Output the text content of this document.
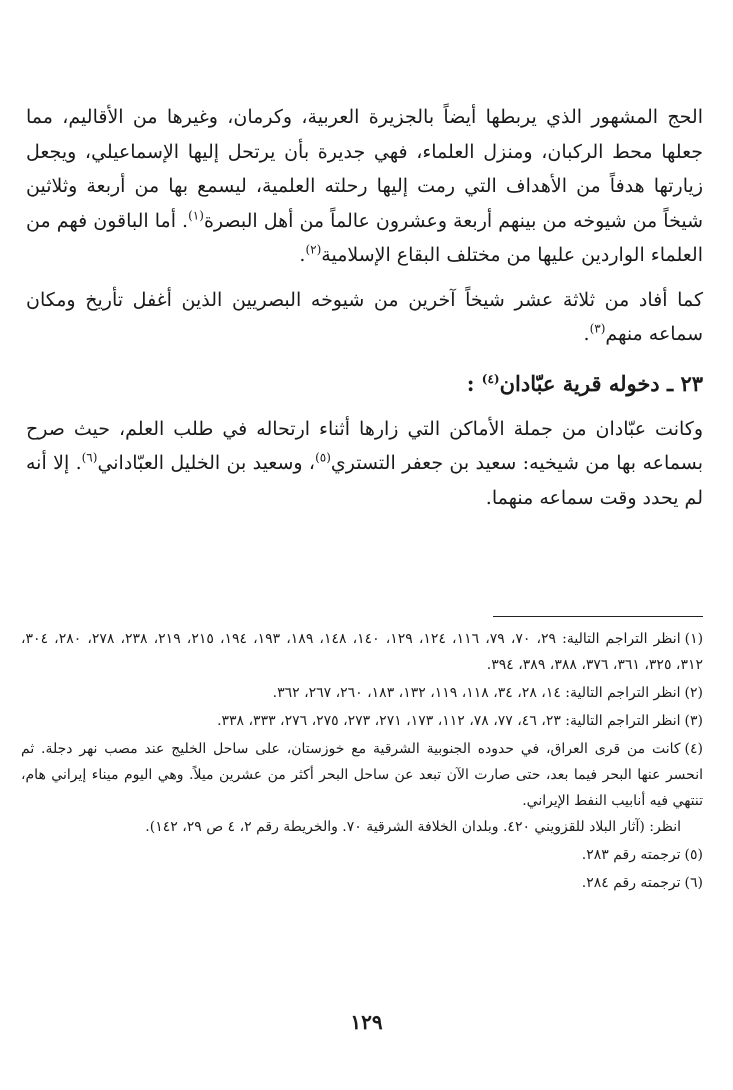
الحج المشهور الذي يربطها أيضاً بالجزيرة العربية، وكرمان، وغيرها من الأقاليم، مما جعلها محط الركبان، ومنزل العلماء، فهي جديرة بأن يرتحل إليها الإسماعيلي، ويجعل زيارتها هدفاً من الأهداف التي رمت إليها رحلته العلمية، ليسمع بها من أربعة وثلاثين شيخاً من شيوخه من بينهم أربعة وعشرون عالماً من أهل البصرة$^{(١)}$. أما الباقون فهم من العلماء الواردين عليها من مختلف البقاع الإسلامية$^{(٢)}$.

كما أفاد من ثلاثة عشر شيخاً آخرين من شيوخه البصريين الذين أغفل تأريخ ومكان سماعه منهم$^{(٣)}$.

٢٣ ـ دخوله قرية عبّادان$^{(٤)}$ :

وكانت عبّادان من جملة الأماكن التي زارها أثناء ارتحاله في طلب العلم، حيث صرح بسماعه بها من شيخيه: سعيد بن جعفر التستري$^{(٥)}$، وسعيد بن الخليل العبّاداني$^{(٦)}$. إلا أنه لم يحدد وقت سماعه منهما.

(١)انظر التراجم التالية: ٢٩، ٧٠، ٧٩، ١١٦، ١٢٤، ١٢٩، ١٤٠، ١٤٨، ١٨٩، ١٩٣، ١٩٤، ٢١٥، ٢١٩، ٢٣٨، ٢٧٨، ٢٨٠، ٣٠٤، ٣١٢، ٣٢٥، ٣٦١، ٣٧٦، ٣٨٨، ٣٨٩، ٣٩٤.

(٢)انظر التراجم التالية: ١٤، ٢٨، ٣٤، ١١٨، ١١٩، ١٣٢، ١٨٣، ٢٦٠، ٢٦٧، ٣٦٢.

(٣)انظر التراجم التالية: ٢٣، ٤٦، ٧٧، ٧٨، ١١٢، ١٧٣، ٢٧١، ٢٧٣، ٢٧٥، ٢٧٦، ٣٣٣، ٣٣٨.

(٤)كانت من قرى العراق، في حدوده الجنوبية الشرقية مع خوزستان، على ساحل الخليج عند مصب نهر دجلة. ثم انحسر عنها البحر فيما بعد، حتى صارت الآن تبعد عن ساحل البحر أكثر من عشرين ميلاً. وهي اليوم ميناء إيراني هام، تنتهي فيه أنابيب النفط الإيراني.
انظر: (آثار البلاد للقزويني ٤٢٠. وبلدان الخلافة الشرقية ٧٠. والخريطة رقم ٢، ٤ ص ٢٩، ١٤٢).

(٥)ترجمته رقم ٢٨٣.

(٦)ترجمته رقم ٢٨٤.

١٢٩
